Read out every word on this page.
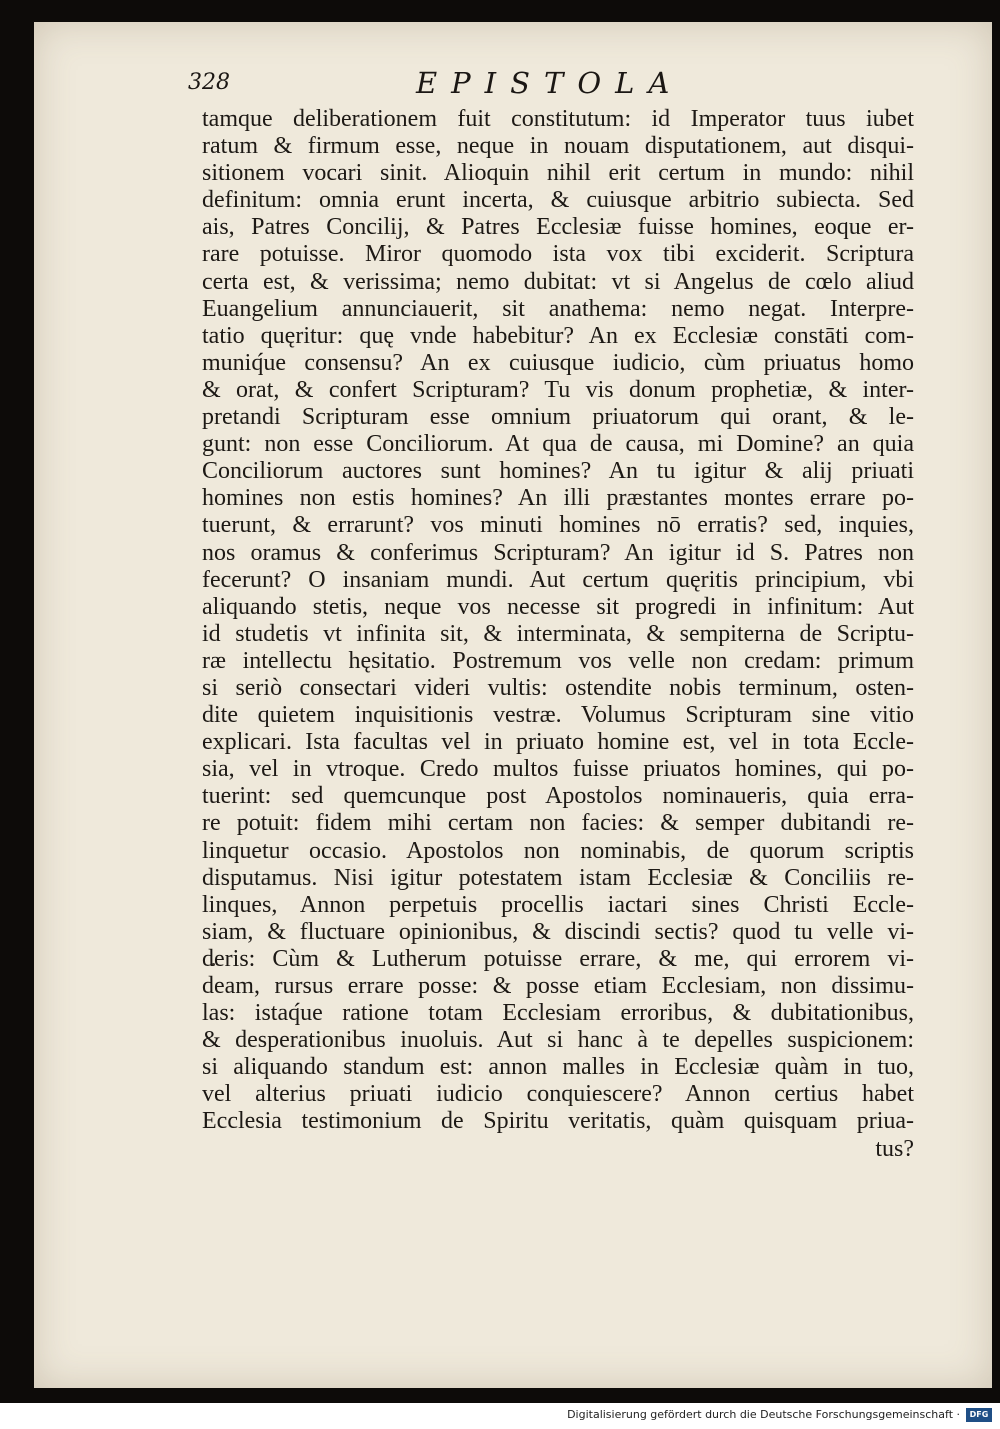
328	EPISTOLA
tamque deliberationem fuit constitutum: id Imperator tuus iubet
ratum & firmum esse, neque in nouam disputationem, aut disqui-
sitionem vocari sinit. Alioquin nihil erit certum in mundo: nihil
definitum: omnia erunt incerta, & cuiusque arbitrio subiecta. Sed
ais, Patres Concilij, & Patres Ecclesiæ fuisse homines, eoque er-
rare potuisse. Miror quomodo ista vox tibi exciderit. Scriptura
certa est, & verissima; nemo dubitat: vt si Angelus de cœlo aliud
Euangelium annunciauerit, sit anathema: nemo negat. Interpre-
tatio quęritur: quę vnde habebitur? An ex Ecclesiæ constāti com-
muniq́ue consensu? An ex cuiusque iudicio, cùm priuatus homo
& orat, & confert Scripturam? Tu vis donum prophetiæ, & inter-
pretandi Scripturam esse omnium priuatorum qui orant, & le-
gunt: non esse Conciliorum. At qua de causa, mi Domine? an quia
Conciliorum auctores sunt homines? An tu igitur & alij priuati
homines non estis homines? An illi præstantes montes errare po-
tuerunt, & errarunt? vos minuti homines nō erratis? sed, inquies,
nos oramus & conferimus Scripturam? An igitur id S. Patres non
fecerunt? O insaniam mundi. Aut certum quęritis principium, vbi
aliquando stetis, neque vos necesse sit progredi in infinitum: Aut
id studetis vt infinita sit, & interminata, & sempiterna de Scriptu-
ræ intellectu hęsitatio. Postremum vos velle non credam: primum
si seriò consectari videri vultis: ostendite nobis terminum, osten-
dite quietem inquisitionis vestræ. Volumus Scripturam sine vitio
explicari. Ista facultas vel in priuato homine est, vel in tota Eccle-
sia, vel in vtroque. Credo multos fuisse priuatos homines, qui po-
tuerint: sed quemcunque post Apostolos nominaueris, quia erra-
re potuit: fidem mihi certam non facies: & semper dubitandi re-
linquetur occasio. Apostolos non nominabis, de quorum scriptis
disputamus. Nisi igitur potestatem istam Ecclesiæ & Conciliis re-
linques, Annon perpetuis procellis iactari sines Christi Eccle-
siam, & fluctuare opinionibus, & discindi sectis? quod tu velle vi-
deris: Cùm & Lutherum potuisse errare, & me, qui errorem vi-
deam, rursus errare posse: & posse etiam Ecclesiam, non dissimu-
las: istaq́ue ratione totam Ecclesiam erroribus, & dubitationibus,
& desperationibus inuoluis. Aut si hanc à te depelles suspicionem:
si aliquando standum est: annon malles in Ecclesiæ quàm in tuo,
vel alterius priuati iudicio conquiescere? Annon certius habet
Ecclesia testimonium de Spiritu veritatis, quàm quisquam priua-
tus?
Digitalisierung gefördert durch die Deutsche Forschungsgemeinschaft ·	DFG
